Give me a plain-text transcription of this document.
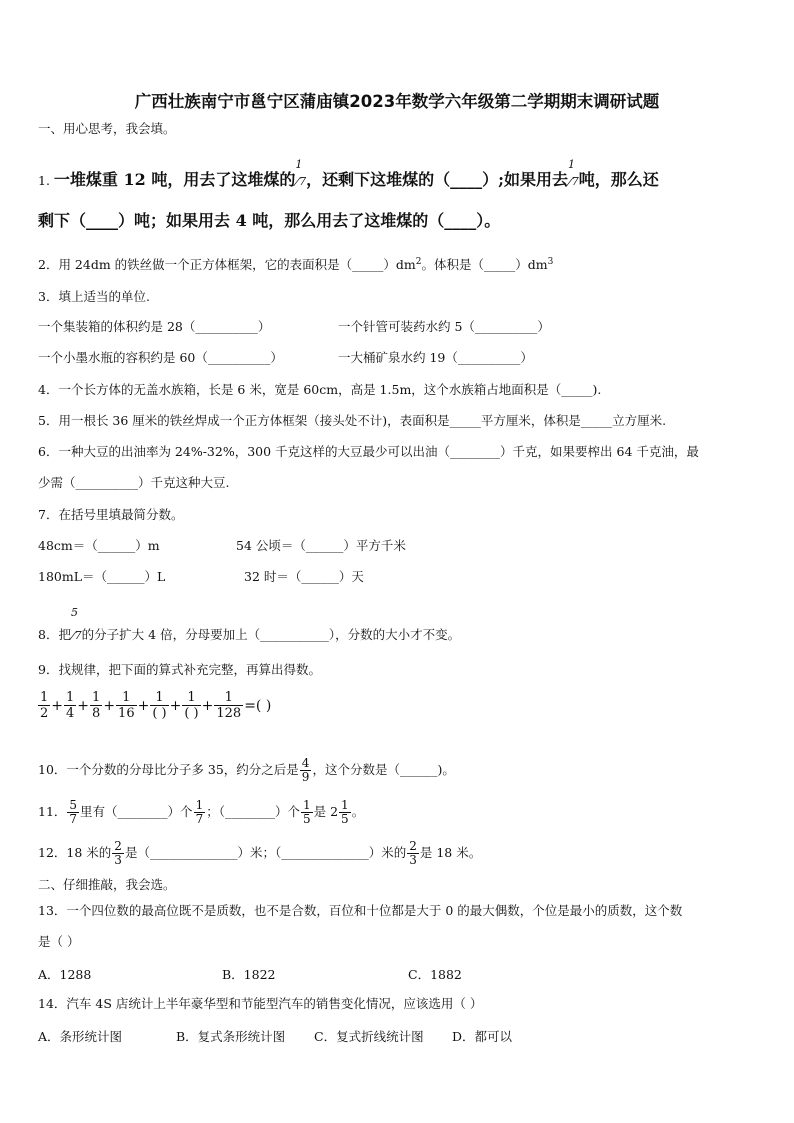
广西壮族南宁市邕宁区蒲庙镇2023年数学六年级第二学期期末调研试题
一、用心思考，我会填。
1. 一堆煤重 12 吨，用去了这堆煤的
1
/7，还剩下这堆煤的（____）;如果用去
1
/7吨，那么还
剩下（____）吨；如果用去 4 吨，那么用去了这堆煤的（____）。
2．用 24dm 的铁丝做一个正方体框架，它的表面积是$(\_\_\_\_\_)dm^2$。体积是$(\_\_\_\_\_)dm^3$
3．填上适当的单位.
一个集装箱的体积约是 28（__________）	一个针管可装药水约 5（__________）
一个小墨水瓶的容积约是 60（__________）	一大桶矿泉水约 19（__________）
4．一个长方体的无盖水族箱，长是 6 米，宽是 60cm，高是 1.5m，这个水族箱占地面积是（_____).
5．用一根长 36 厘米的铁丝焊成一个正方体框架（接头处不计)，表面积是_____平方厘米，体积是_____立方厘米.
6．一种大豆的出油率为 24%-32%，300 千克这样的大豆最少可以出油（________）千克，如果要榨出 64 千克油，最
少需（__________）千克这种大豆.
7．在括号里填最简分数。
48cm＝（______）m	54 公顷＝（______）平方千米
180mL＝（______）L	32 时＝（______）天
8．把
5
/7的分子扩大 4 倍，分母要加上（___________），分数的大小才不变。
9．找规律，把下面的算式补充完整，再算出得数。
$\frac{1}{2} + \frac{1}{4} + \frac{1}{8} + \frac{1}{16} + \frac{1}{( )} + \frac{1}{( )} + \frac{1}{128}$ =( )
10．一个分数的分母比分子多 35，约分之后是 $\frac{4}{9}$ ，这个分数是（______)。
11． $\frac{5}{7}$ 里有（________）个 $\frac{1}{7}$ ；（________）个 $\frac{1}{5}$ 是 $2 \frac{1}{5}$ 。
12．18 米的 $\frac{2}{3}$ 是（______________）米；（______________）米的 $\frac{2}{3}$ 是 18 米。
二、仔细推敲，我会选。
13．一个四位数的最高位既不是质数，也不是合数，百位和十位都是大于 0 的最大偶数，个位是最小的质数，这个数
是（ ）
A．1288	B．1822	C．1882
14．汽车 4S 店统计上半年豪华型和节能型汽车的销售变化情况，应该选用（ ）
A．条形统计图	B．复式条形统计图 C．复式折线统计图 D．都可以
